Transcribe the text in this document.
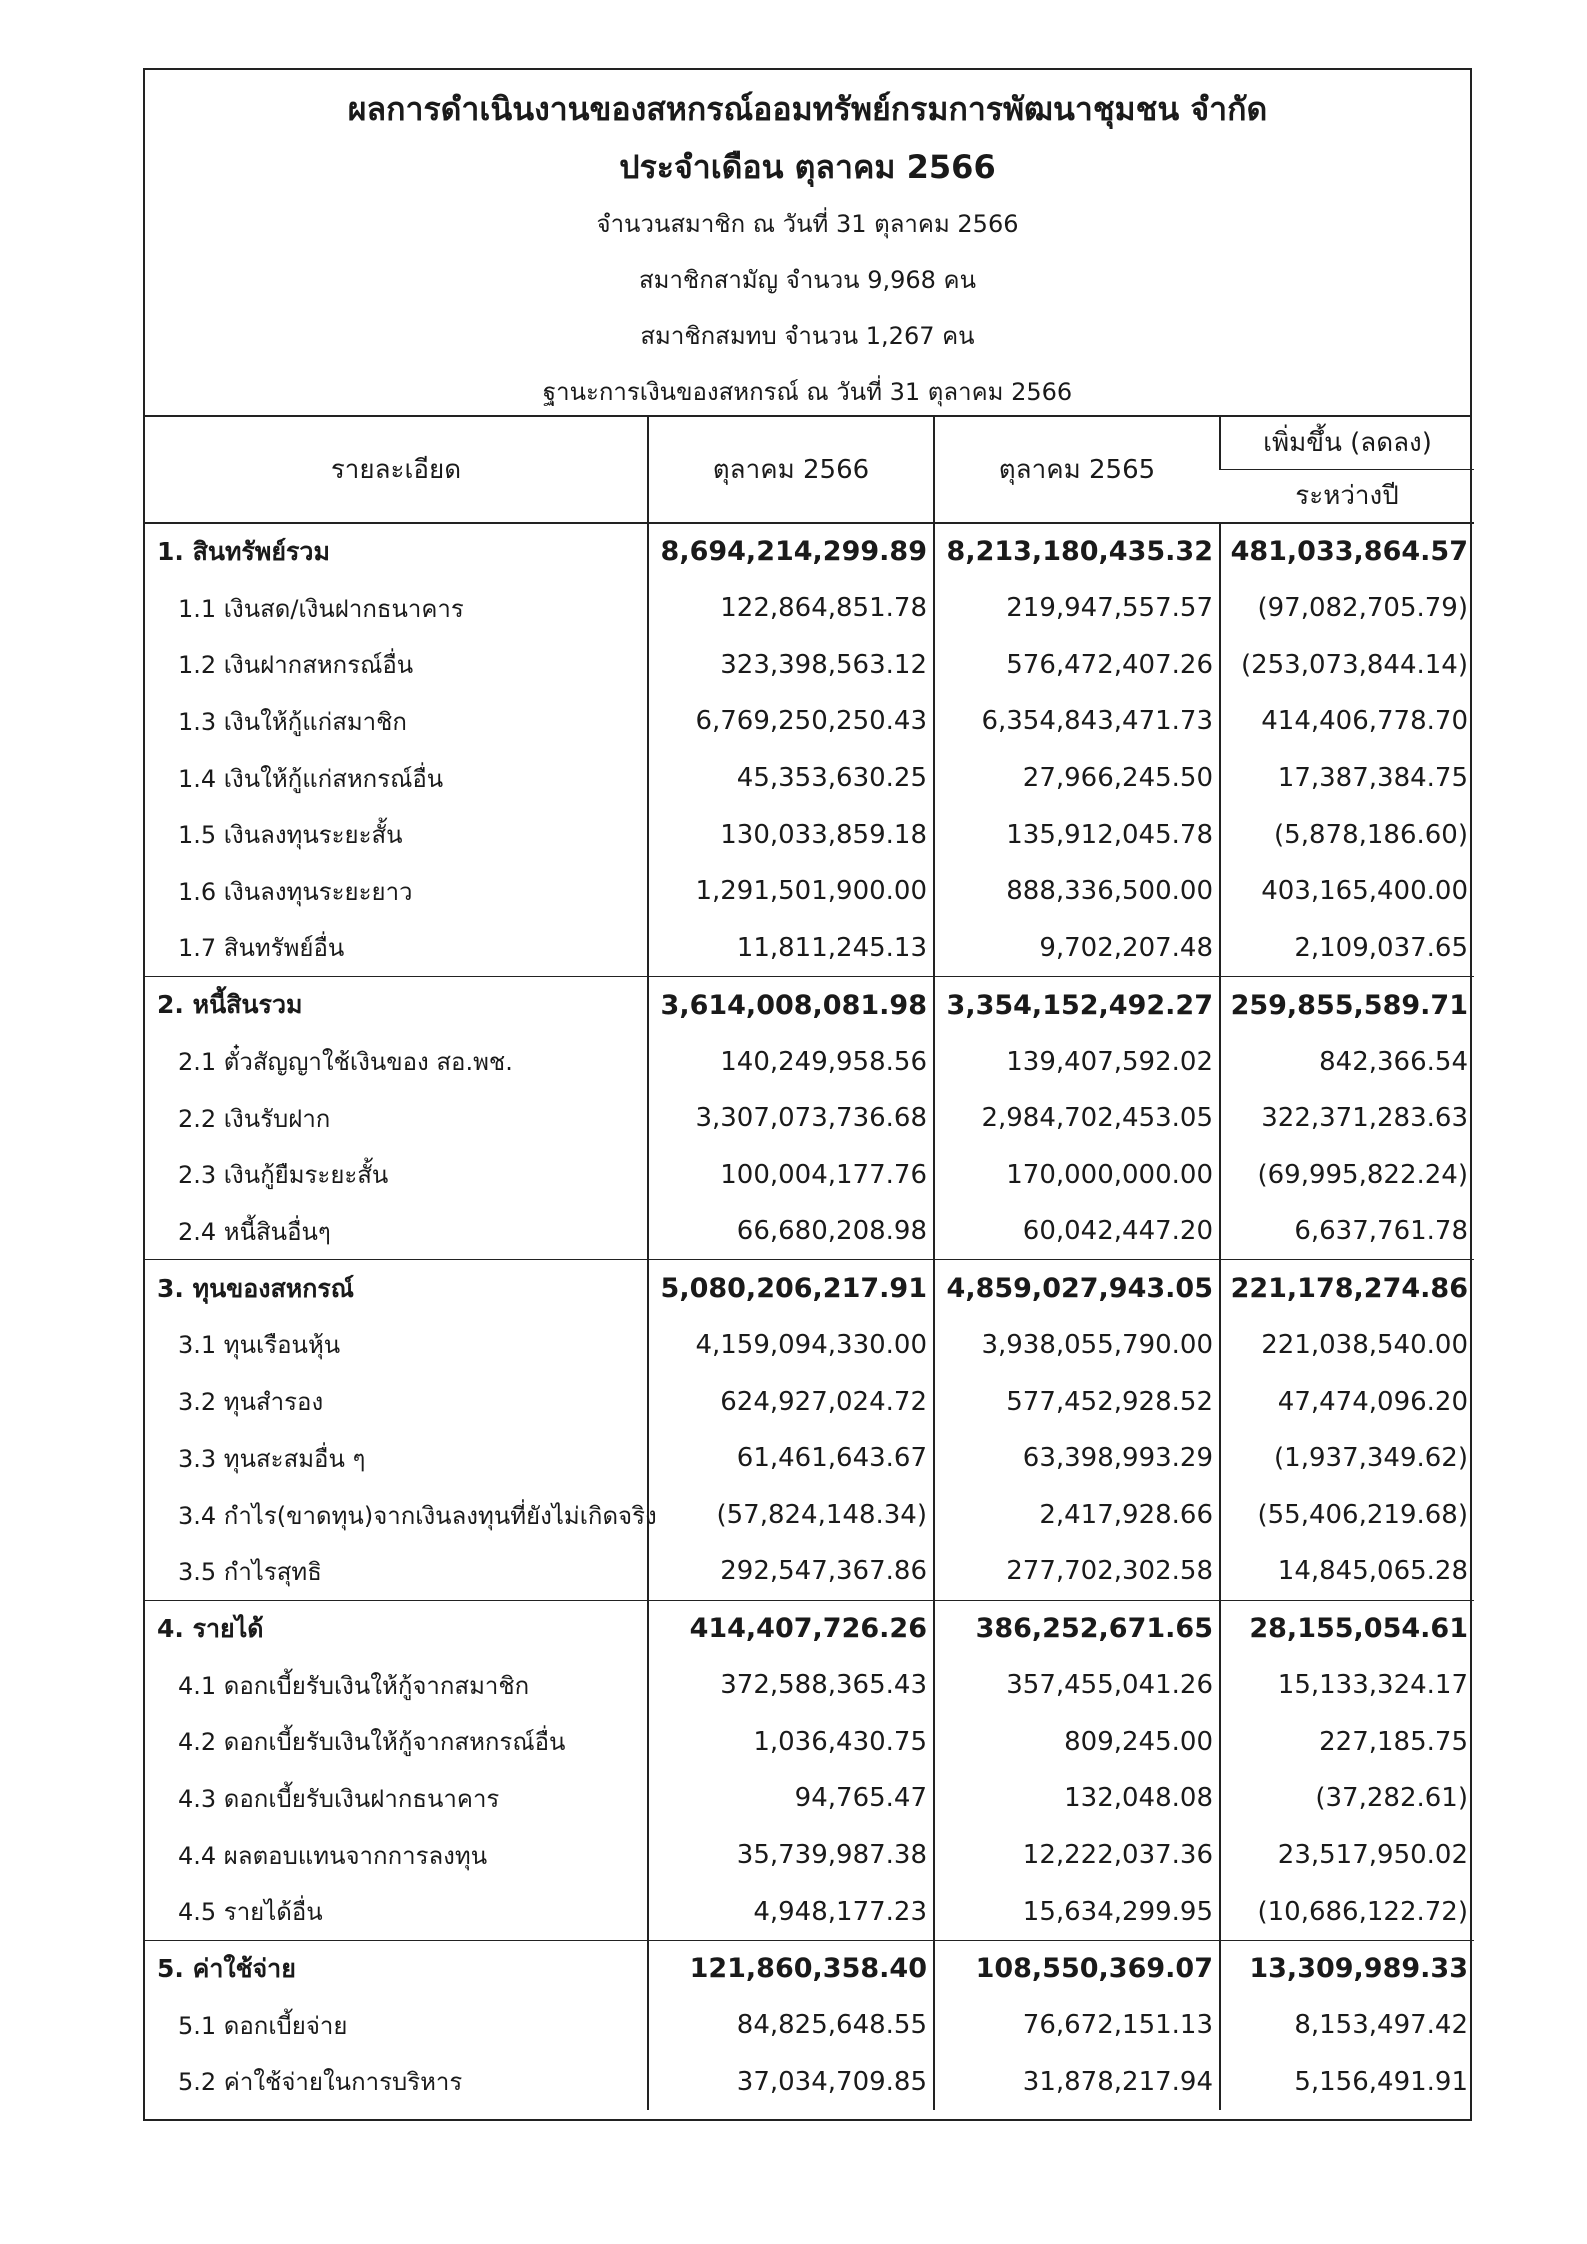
ผลการดำเนินงานของสหกรณ์ออมทรัพย์กรมการพัฒนาชุมชน จำกัด
ประจำเดือน ตุลาคม 2566
จำนวนสมาชิก ณ วันที่ 31 ตุลาคม 2566
สมาชิกสามัญ จำนวน 9,968 คน
สมาชิกสมทบ จำนวน 1,267 คน
ฐานะการเงินของสหกรณ์ ณ วันที่ 31 ตุลาคม 2566
รายละเอียด	ตุลาคม 2566	ตุลาคม 2565	เพิ่มขึ้น (ลดลง)
			ระหว่างปี
1. สินทรัพย์รวม	8,694,214,299.89	8,213,180,435.32	481,033,864.57
1.1 เงินสด/เงินฝากธนาคาร	122,864,851.78	219,947,557.57	(97,082,705.79)
1.2 เงินฝากสหกรณ์อื่น	323,398,563.12	576,472,407.26	(253,073,844.14)
1.3 เงินให้กู้แก่สมาชิก	6,769,250,250.43	6,354,843,471.73	414,406,778.70
1.4 เงินให้กู้แก่สหกรณ์อื่น	45,353,630.25	27,966,245.50	17,387,384.75
1.5 เงินลงทุนระยะสั้น	130,033,859.18	135,912,045.78	(5,878,186.60)
1.6 เงินลงทุนระยะยาว	1,291,501,900.00	888,336,500.00	403,165,400.00
1.7 สินทรัพย์อื่น	11,811,245.13	9,702,207.48	2,109,037.65
2. หนี้สินรวม	3,614,008,081.98	3,354,152,492.27	259,855,589.71
2.1 ตั๋วสัญญาใช้เงินของ สอ.พช.	140,249,958.56	139,407,592.02	842,366.54
2.2 เงินรับฝาก	3,307,073,736.68	2,984,702,453.05	322,371,283.63
2.3 เงินกู้ยืมระยะสั้น	100,004,177.76	170,000,000.00	(69,995,822.24)
2.4 หนี้สินอื่นๆ	66,680,208.98	60,042,447.20	6,637,761.78
3. ทุนของสหกรณ์	5,080,206,217.91	4,859,027,943.05	221,178,274.86
3.1 ทุนเรือนหุ้น	4,159,094,330.00	3,938,055,790.00	221,038,540.00
3.2 ทุนสำรอง	624,927,024.72	577,452,928.52	47,474,096.20
3.3 ทุนสะสมอื่น ๆ	61,461,643.67	63,398,993.29	(1,937,349.62)
3.4 กำไร(ขาดทุน)จากเงินลงทุนที่ยังไม่เกิดจริง	(57,824,148.34)	2,417,928.66	(55,406,219.68)
3.5 กำไรสุทธิ	292,547,367.86	277,702,302.58	14,845,065.28
4. รายได้	414,407,726.26	386,252,671.65	28,155,054.61
4.1 ดอกเบี้ยรับเงินให้กู้จากสมาชิก	372,588,365.43	357,455,041.26	15,133,324.17
4.2 ดอกเบี้ยรับเงินให้กู้จากสหกรณ์อื่น	1,036,430.75	809,245.00	227,185.75
4.3 ดอกเบี้ยรับเงินฝากธนาคาร	94,765.47	132,048.08	(37,282.61)
4.4 ผลตอบแทนจากการลงทุน	35,739,987.38	12,222,037.36	23,517,950.02
4.5 รายได้อื่น	4,948,177.23	15,634,299.95	(10,686,122.72)
5. ค่าใช้จ่าย	121,860,358.40	108,550,369.07	13,309,989.33
5.1 ดอกเบี้ยจ่าย	84,825,648.55	76,672,151.13	8,153,497.42
5.2 ค่าใช้จ่ายในการบริหาร	37,034,709.85	31,878,217.94	5,156,491.91
